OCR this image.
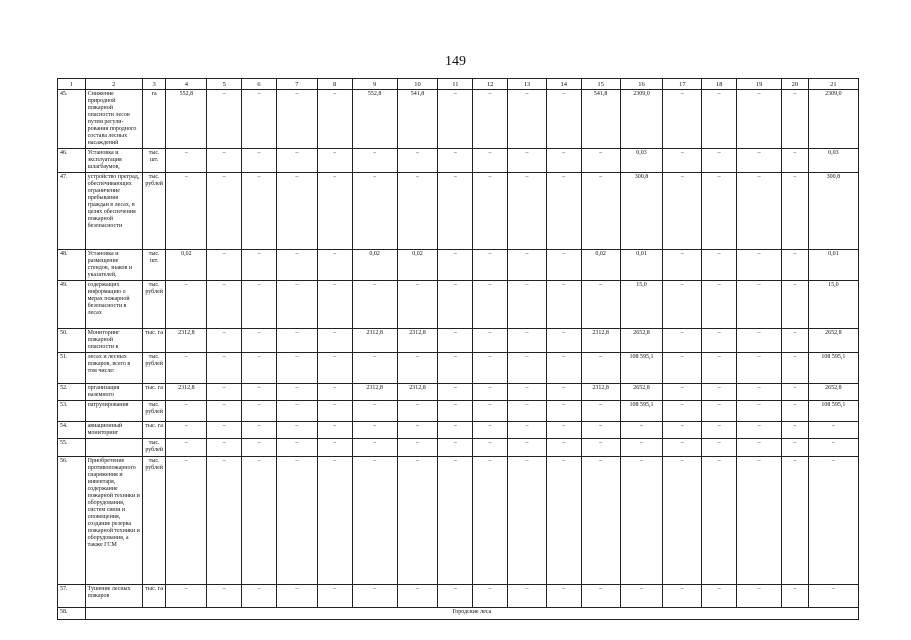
149
1	2	3	4	5	6	7	8	9	10	11	12	13	14	15	16	17	18	19	20	21
45.	Снижение природной пожарной опасности лесов путем регули-рования породного состава лесных насаждений	га	552,8	–	–	–	–	552,8	541,8	–	–	–	–	541,8	2309,0	–	–	–	–	2309,0
46.	Установка и эксплуатация шлагбаумов,	тыс. шт.	–	–	–	–	–	–	–	–	–	–	–	–	0,03	–	–	–	–	0,03
47.	устройство преград, обеспечивающих ограничение пребывания граждан в лесах, в целях обеспечения пожарной безопасности	тыс. рублей	–	–	–	–	–	–	–	–	–	–	–	–	300,8	–	–	–	–	300,8
48.	Установка и размещение стендов, знаков и указателей,	тыс. шт.	0,02	–	–	–	–	0,02	0,02	–	–	–	–	0,02	0,01	–	–	–	–	0,01
49.	содержащих информацию о мерах пожарной безопасности в лесах	тыс. рублей	–	–	–	–	–	–	–	–	–	–	–	–	15,0	–	–	–	–	15,0
50.	Мониторинг пожарной опасности в	тыс. га	2312,8	–	–	–	–	2312,8	2312,8	–	–	–	–	2312,8	2652,8	–	–	–	–	2652,8
51.	лесах и лесных пожаров, всего в том числе:	тыс. рублей	–	–	–	–	–	–	–	–	–	–	–	–	108 595,1	–	–	–	–	108 595,1
52.	организация наземного	тыс. га	2312,8	–	–	–	–	2312,8	2312,8	–	–	–	–	2312,8	2652,8	–	–	–	–	2652,8
53.	патрулирования	тыс. рублей	–	–	–	–	–	–	–	–	–	–	–	–	108 595,1	–	–	–	–	108 595,1
54.	авиационный мониторинг	тыс. га	–	–	–	–	–	–	–	–	–	–	–	–	–	–	–	–	–	–
55.		тыс. рублей	–	–	–	–	–	–	–	–	–	–	–	–	–	–	–	–	–	–
56.	Приобретение противопожарного снаряжения и инвентаря, содержание пожарной техники и оборудования, систем связи и оповещения, создание резерва пожарной техники и оборудования, а также ГСМ	тыс. рублей	–	–	–	–	–	–	–	–	–	–	–	–	–	–	–	–	–	–
57.	Тушение лесных пожаров	тыс. га	–	–	–	–	–	–	–	–	–	–	–	–	–	–	–	–	–	–
58.	Городские леса																			
